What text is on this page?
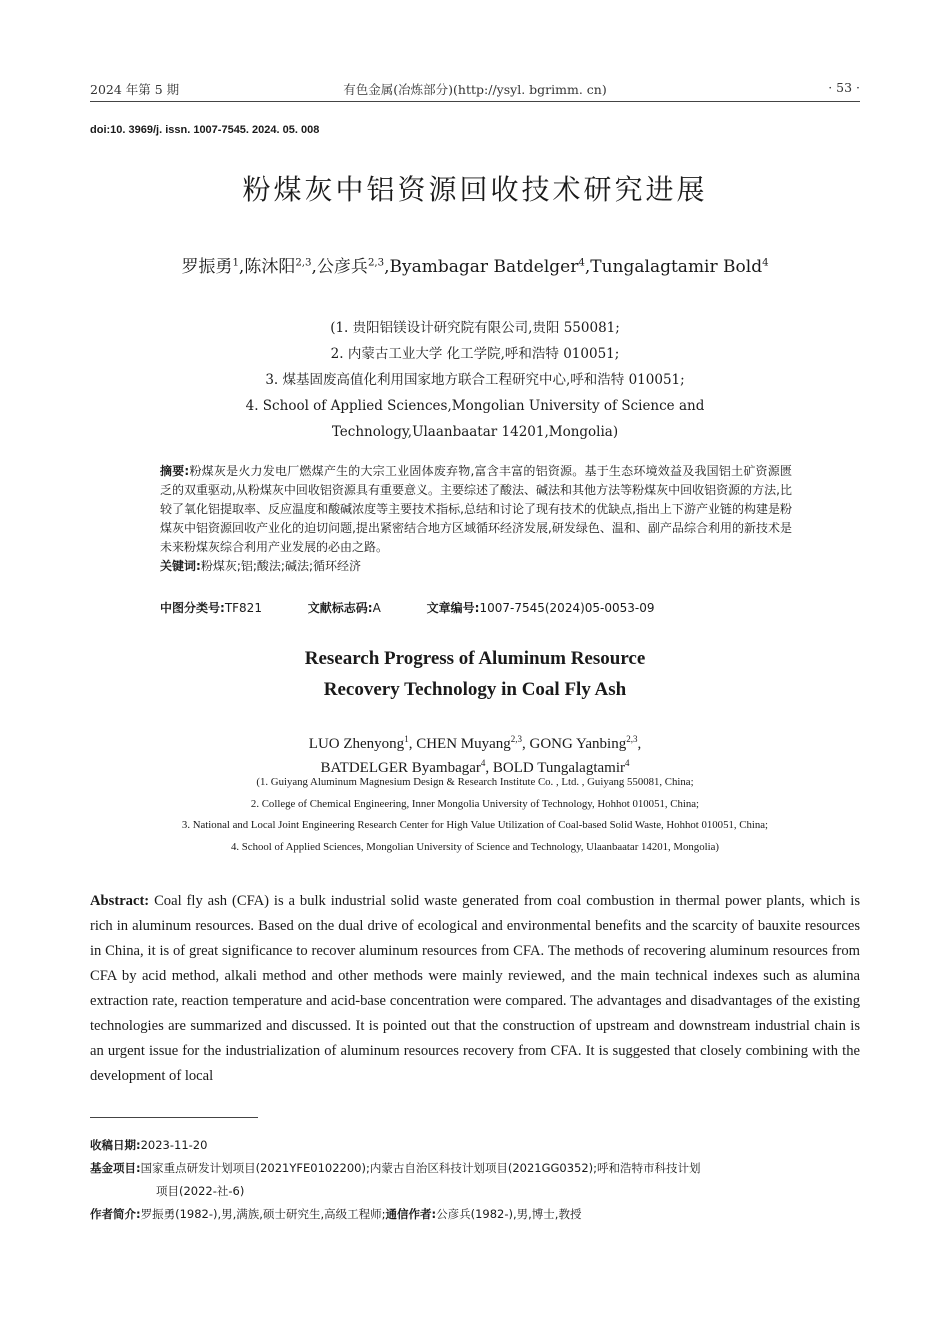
2024 年第 5 期	有色金属(冶炼部分)(http://ysyl. bgrimm. cn)	· 53 ·
doi:10. 3969/j. issn. 1007-7545. 2024. 05. 008
粉煤灰中铝资源回收技术研究进展
罗振勇$^1$,陈沐阳$^{2,3}$,公彦兵$^{2,3}$,Byambagar Batdelger$^4$,Tungalagtamir Bold$^4$
(1. 贵阳铝镁设计研究院有限公司,贵阳 550081;
2. 内蒙古工业大学 化工学院,呼和浩特 010051;
3. 煤基固废高值化利用国家地方联合工程研究中心,呼和浩特 010051;
4. School of Applied Sciences,Mongolian University of Science and
Technology,Ulaanbaatar 14201,Mongolia)
摘要:粉煤灰是火力发电厂燃煤产生的大宗工业固体废弃物,富含丰富的铝资源。基于生态环境效益及我国铝土矿资源匮乏的双重驱动,从粉煤灰中回收铝资源具有重要意义。主要综述了酸法、碱法和其他方法等粉煤灰中回收铝资源的方法,比较了氧化铝提取率、反应温度和酸碱浓度等主要技术指标,总结和讨论了现有技术的优缺点,指出上下游产业链的构建是粉煤灰中铝资源回收产业化的迫切问题,提出紧密结合地方区域循环经济发展,研发绿色、温和、副产品综合利用的新技术是未来粉煤灰综合利用产业发展的必由之路。
关键词:粉煤灰;铝;酸法;碱法;循环经济
中图分类号:TF821	文献标志码:A	文章编号:1007-7545(2024)05-0053-09
Research Progress of Aluminum Resource
Recovery Technology in Coal Fly Ash
LUO Zhenyong$^1$, CHEN Muyang$^{2,3}$, GONG Yanbing$^{2,3}$,
BATDELGER Byambagar$^4$, BOLD Tungalagtamir$^4$
(1. Guiyang Aluminum Magnesium Design & Research Institute Co. , Ltd. , Guiyang 550081, China;
2. College of Chemical Engineering, Inner Mongolia University of Technology, Hohhot 010051, China;
3. National and Local Joint Engineering Research Center for High Value Utilization of Coal-based Solid Waste, Hohhot 010051, China;
4. School of Applied Sciences, Mongolian University of Science and Technology, Ulaanbaatar 14201, Mongolia)
Abstract: Coal fly ash (CFA) is a bulk industrial solid waste generated from coal combustion in thermal power plants, which is rich in aluminum resources. Based on the dual drive of ecological and environmental benefits and the scarcity of bauxite resources in China, it is of great significance to recover aluminum resources from CFA. The methods of recovering aluminum resources from CFA by acid method, alkali method and other methods were mainly reviewed, and the main technical indexes such as alumina extraction rate, reaction temperature and acid-base concentration were compared. The advantages and disadvantages of the existing technologies are summarized and discussed. It is pointed out that the construction of upstream and downstream industrial chain is an urgent issue for the industrialization of aluminum resources recovery from CFA. It is suggested that closely combining with the development of local
收稿日期:2023-11-20
基金项目:国家重点研发计划项目(2021YFE0102200);内蒙古自治区科技计划项目(2021GG0352);呼和浩特市科技计划
项目(2022-社-6)
作者简介:罗振勇(1982-),男,满族,硕士研究生,高级工程师;通信作者:公彦兵(1982-),男,博士,教授
